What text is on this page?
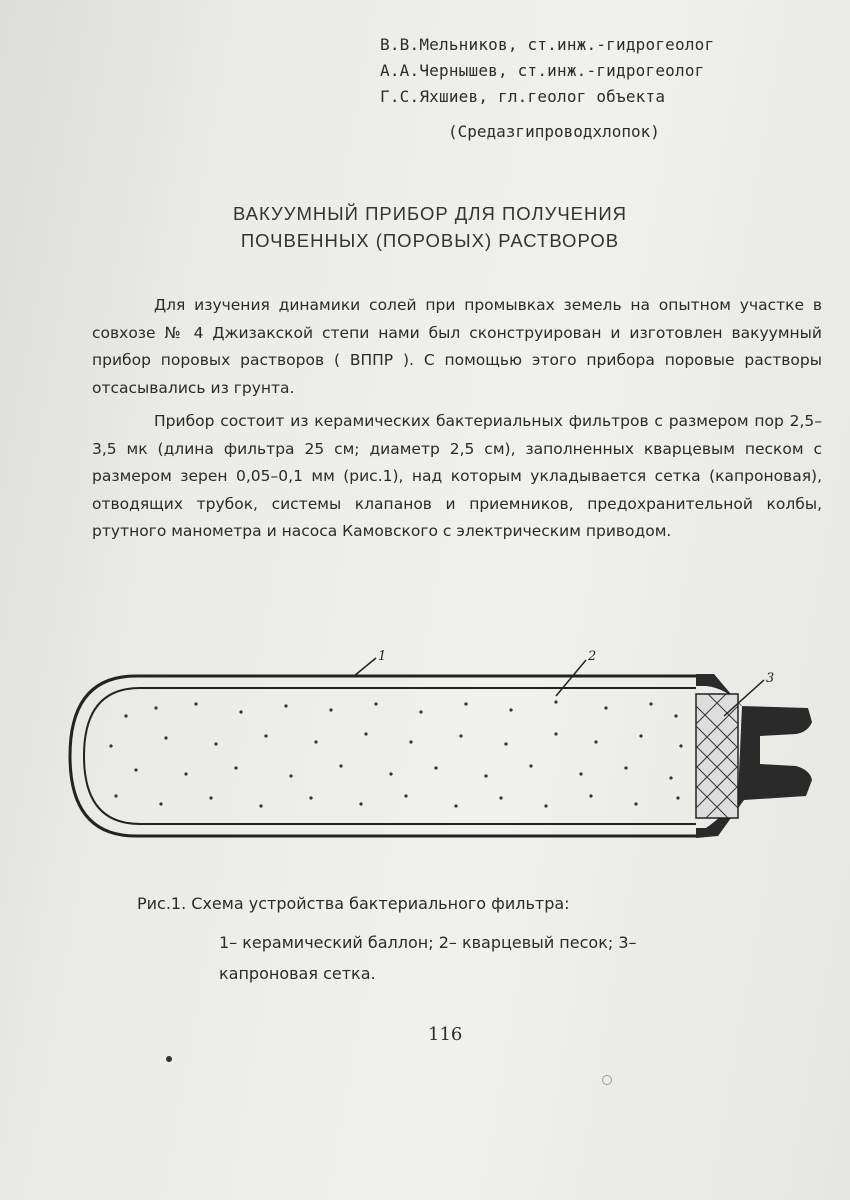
В.В.Мельников, ст.инж.-гидрогеолог
А.А.Чернышев, ст.инж.-гидрогеолог
Г.С.Яхшиев, гл.геолог объекта
(Средазгипроводхлопок)
ВАКУУМНЫЙ ПРИБОР ДЛЯ ПОЛУЧЕНИЯ
ПОЧВЕННЫХ (ПОРОВЫХ) РАСТВОРОВ

Для изучения динамики солей при промывках земель на опытном участке в совхозе № 4 Джизакской степи нами был сконструирован и изготовлен вакуумный прибор поровых растворов ( ВППР ). С помощью этого прибора поровые растворы отсасывались из грунта.

Прибор состоит из керамических бактериальных фильтров с размером пор 2,5–3,5 мк (длина фильтра 25 см; диаметр 2,5 см), заполненных кварцевым песком с размером зерен 0,05–0,1 мм (рис.1), над которым укладывается сетка (капроновая), отводящих трубок, системы клапанов и приемников, предохранительной колбы, ртутного манометра и насоса Камовского с электрическим приводом.

1	2
3
Рис.1. Схема устройства бактериального фильтра:
1– керамический баллон; 2– кварцевый песок; 3– капроновая сетка.
116
